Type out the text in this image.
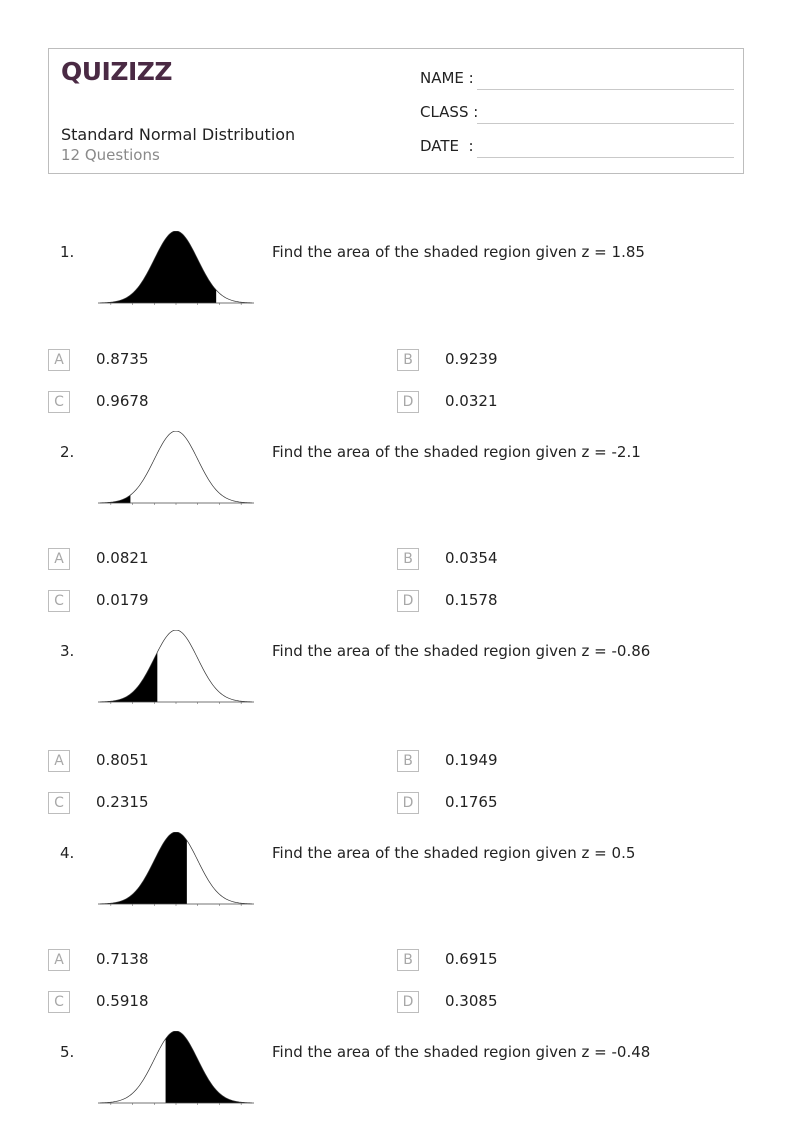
QUIZIZZ
Standard Normal Distribution
12 Questions
NAME :
CLASS :
DATE  :
1.	Find the area of the shaded region given z = 1.85
A	0.8735	B	0.9239
C	0.9678	D	0.0321
2.	Find the area of the shaded region given z = -2.1
A	0.0821	B	0.0354
C	0.0179	D	0.1578
3.	Find the area of the shaded region given z = -0.86
A	0.8051	B	0.1949
C	0.2315	D	0.1765
4.	Find the area of the shaded region given z = 0.5
A	0.7138	B	0.6915
C	0.5918	D	0.3085
5.	Find the area of the shaded region given z = -0.48
